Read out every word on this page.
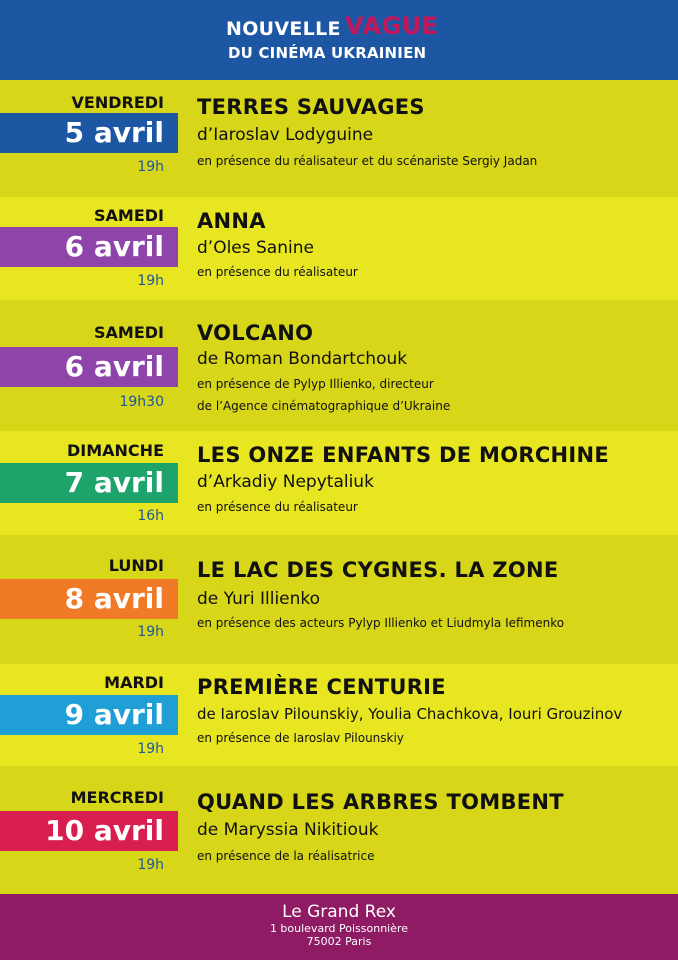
NOUVELLE VAGUE
DU CINÉMA UKRAINIEN
VENDREDI
5 avril
19h
TERRES SAUVAGES
d’Iaroslav Lodyguine
en présence du réalisateur et du scénariste Sergiy Jadan
SAMEDI
6 avril
19h
ANNA
d’Oles Sanine
en présence du réalisateur
SAMEDI
6 avril
19h30
VOLCANO
de Roman Bondartchouk
en présence de Pylyp Illienko, directeur
de l’Agence cinématographique d’Ukraine
DIMANCHE
7 avril
16h
LES ONZE ENFANTS DE MORCHINE
d’Arkadiy Nepytaliuk
en présence du réalisateur
LUNDI
8 avril
19h
LE LAC DES CYGNES. LA ZONE
de Yuri Illienko
en présence des acteurs Pylyp Illienko et Liudmyla Iefimenko
MARDI
9 avril
19h
PREMIÈRE CENTURIE
de Iaroslav Pilounskiy, Youlia Chachkova, Iouri Grouzinov
en présence de Iaroslav Pilounskiy
MERCREDI
10 avril
19h
QUAND LES ARBRES TOMBENT
de Maryssia Nikitiouk
en présence de la réalisatrice
Le Grand Rex
1 boulevard Poissonnière
75002 Paris
